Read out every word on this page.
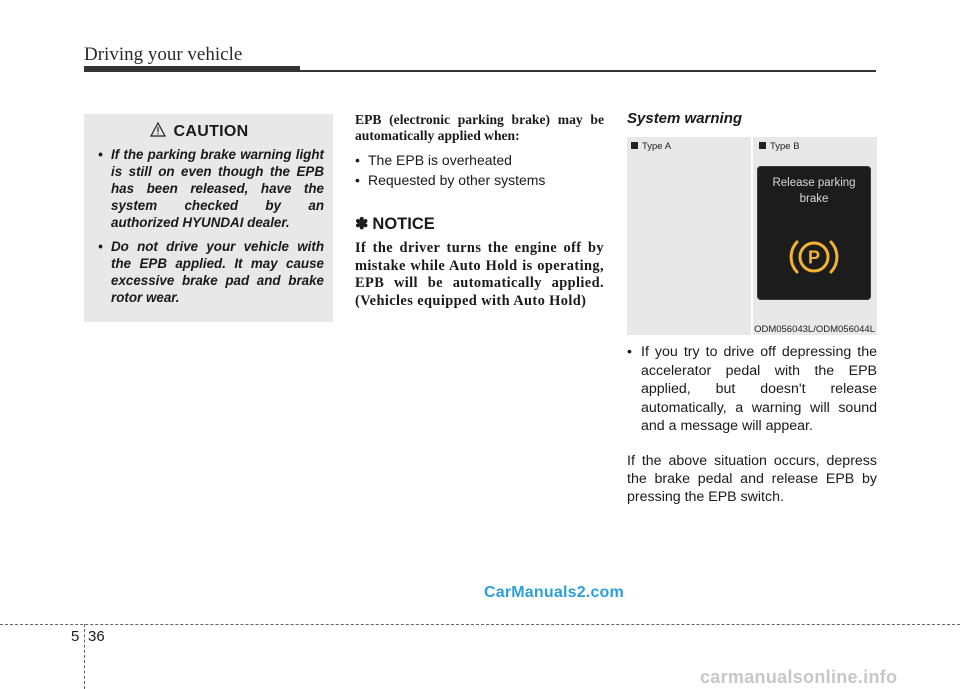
Driving your vehicle
CAUTION
• If the parking brake warning light is still on even though the EPB has been released, have the system checked by an authorized HYUNDAI dealer.
• Do not drive your vehicle with the EPB applied. It may cause excessive brake pad and brake rotor wear.

EPB (electronic parking brake) may be automatically applied when:

• The EPB is overheated
• Requested by other systems
✽ NOTICE

If the driver turns the engine off by mistake while Auto Hold is operating, EPB will be automatically applied. (Vehicles equipped with Auto Hold)

System warning

Type A	Type B
Release parking brake
P
ODM056043L/ODM056044L
• If you try to drive off depressing the accelerator pedal with the EPB applied, but doesn't release automatically, a warning will sound and a message will appear.

If the above situation occurs, depress the brake pedal and release EPB by pressing the EPB switch.

CarManuals2.com
5 36
carmanualsonline.info
